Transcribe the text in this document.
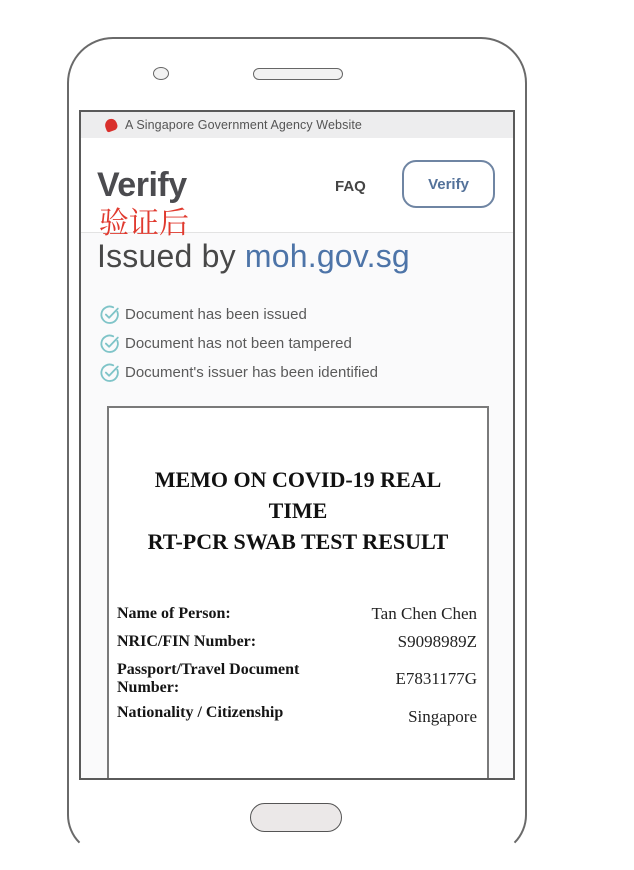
A Singapore Government Agency Website
Verify
验证后
FAQ	Verify
Issued by moh.gov.sg
Document has been issued
Document has not been tampered
Document's issuer has been identified
MEMO ON COVID-19 REAL
TIME
RT-PCR SWAB TEST RESULT
Name of Person:	Tan Chen Chen
NRIC/FIN Number:	S9098989Z
Passport/Travel Document Number:	E7831177G
Nationality / Citizenship	Singapore
